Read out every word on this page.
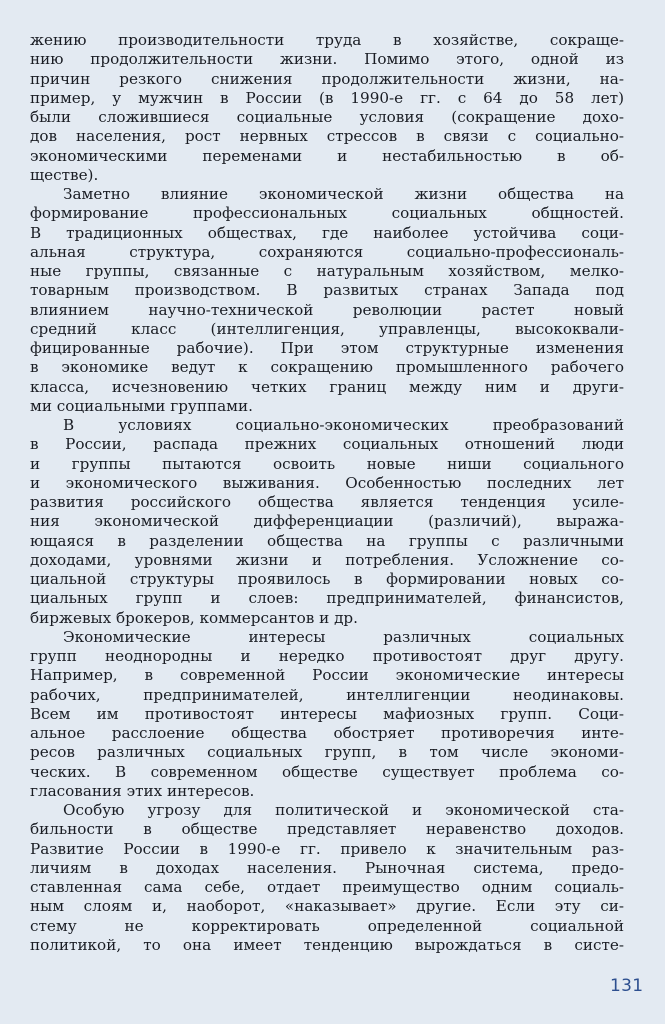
жению производительности труда в хозяйстве, сокраще-
нию продолжительности жизни. Помимо этого, одной из
причин резкого снижения продолжительности жизни, на-
пример, у мужчин в России (в 1990-е гг. с 64 до 58 лет)
были сложившиеся социальные условия (сокращение дохо-
дов населения, рост нервных стрессов в связи с социально-
экономическими переменами и нестабильностью в об-
ществе).
Заметно влияние экономической жизни общества на
формирование профессиональных социальных общностей.
В традиционных обществах, где наиболее устойчива соци-
альная структура, сохраняются социально-профессиональ-
ные группы, связанные с натуральным хозяйством, мелко-
товарным производством. В развитых странах Запада под
влиянием научно-технической революции растет новый
средний класс (интеллигенция, управленцы, высококвали-
фицированные рабочие). При этом структурные изменения
в экономике ведут к сокращению промышленного рабочего
класса, исчезновению четких границ между ним и други-
ми социальными группами.
В условиях социально-экономических преобразований
в России, распада прежних социальных отношений люди
и группы пытаются освоить новые ниши социального
и экономического выживания. Особенностью последних лет
развития российского общества является тенденция усиле-
ния экономической дифференциации (различий), выража-
ющаяся в разделении общества на группы с различными
доходами, уровнями жизни и потребления. Усложнение со-
циальной структуры проявилось в формировании новых со-
циальных групп и слоев: предпринимателей, финансистов,
биржевых брокеров, коммерсантов и др.
Экономические интересы различных социальных
групп неоднородны и нередко противостоят друг другу.
Например, в современной России экономические интересы
рабочих, предпринимателей, интеллигенции неодинаковы.
Всем им противостоят интересы мафиозных групп. Соци-
альное расслоение общества обостряет противоречия инте-
ресов различных социальных групп, в том числе экономи-
ческих. В современном обществе существует проблема со-
гласования этих интересов.
Особую угрозу для политической и экономической ста-
бильности в обществе представляет неравенство доходов.
Развитие России в 1990-е гг. привело к значительным раз-
личиям в доходах населения. Рыночная система, предо-
ставленная сама себе, отдает преимущество одним социаль-
ным слоям и, наоборот, «наказывает» другие. Если эту си-
стему не корректировать определенной социальной
политикой, то она имеет тенденцию вырождаться в систе-
131
